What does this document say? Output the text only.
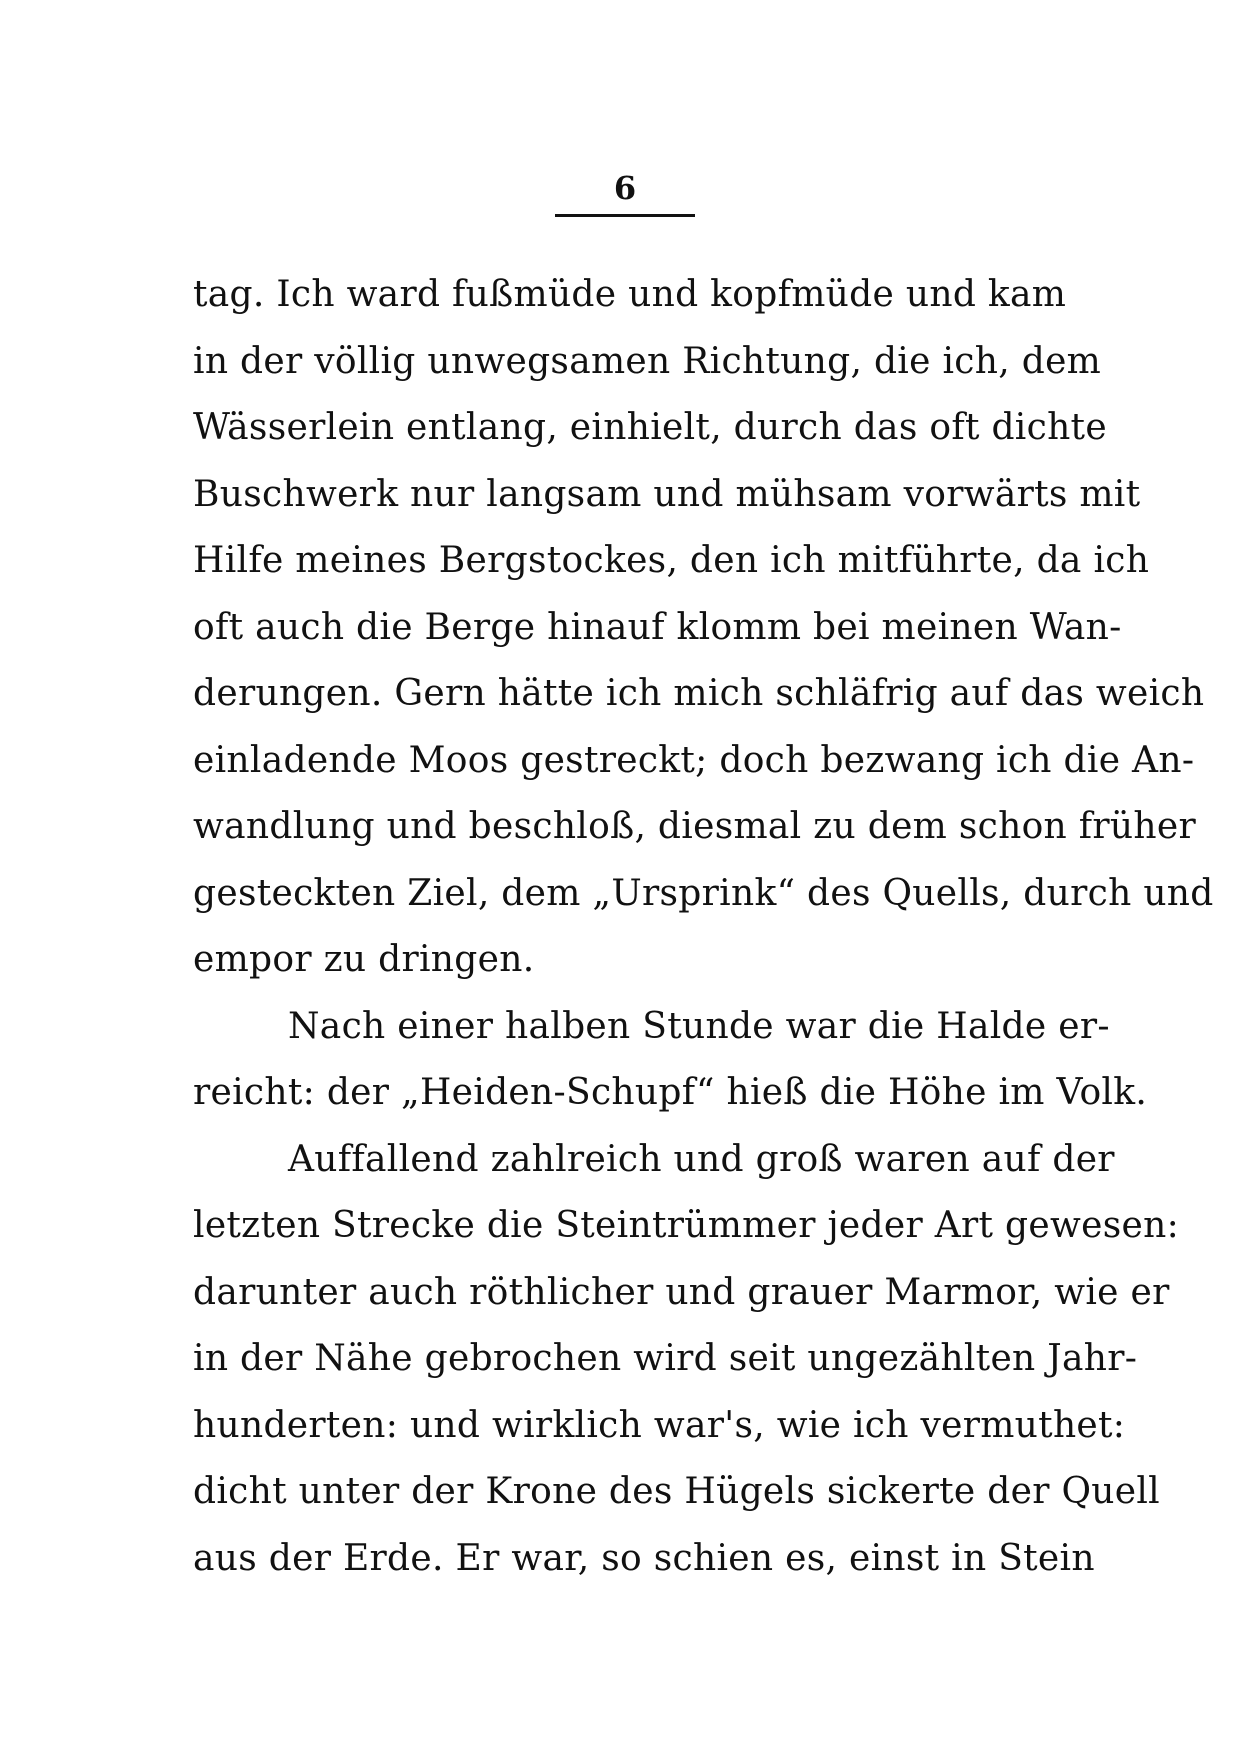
6
tag. Ich ward fußmüde und kopfmüde und kam
in der völlig unwegsamen Richtung, die ich, dem
Wässerlein entlang, einhielt, durch das oft dichte
Buschwerk nur langsam und mühsam vorwärts mit
Hilfe meines Bergstockes, den ich mitführte, da ich
oft auch die Berge hinauf klomm bei meinen Wan-
derungen. Gern hätte ich mich schläfrig auf das weich
einladende Moos gestreckt; doch bezwang ich die An-
wandlung und beschloß, diesmal zu dem schon früher
gesteckten Ziel, dem „Ursprink“ des Quells, durch und
empor zu dringen.
Nach einer halben Stunde war die Halde er-
reicht: der „Heiden-Schupf“ hieß die Höhe im Volk.
Auffallend zahlreich und groß waren auf der
letzten Strecke die Steintrümmer jeder Art gewesen:
darunter auch röthlicher und grauer Marmor, wie er
in der Nähe gebrochen wird seit ungezählten Jahr-
hunderten: und wirklich war's, wie ich vermuthet:
dicht unter der Krone des Hügels sickerte der Quell
aus der Erde. Er war, so schien es, einst in Stein
